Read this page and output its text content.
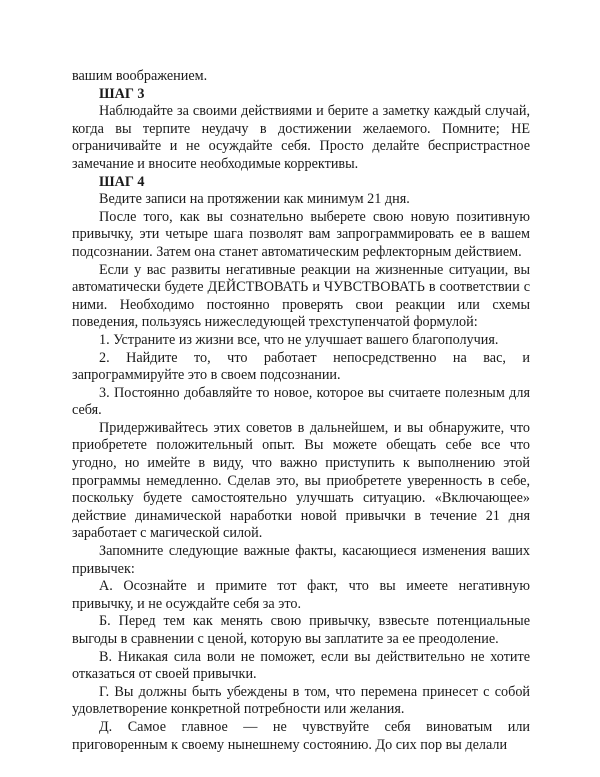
вашим воображением.

ШАГ 3

Наблюдайте за своими действиями и берите а заметку каждый случай, когда вы терпите неудачу в достижении желаемого. Помните; НЕ ограничивайте и не осуждайте себя. Просто делайте беспристрастное замечание и вносите необходимые коррективы.

ШАГ 4

Ведите записи на протяжении как минимум 21 дня.

После того, как вы сознательно выберете свою новую позитивную привычку, эти четыре шага позволят вам запрограммировать ее в вашем подсознании. Затем она станет автоматическим рефлекторным действием.

Если у вас развиты негативные реакции на жизненные ситуации, вы автоматически будете ДЕЙСТВОВАТЬ и ЧУВСТВОВАТЬ в соответствии с ними. Необходимо постоянно проверять свои реакции или схемы поведения, пользуясь нижеследующей трехступенчатой формулой:

1. Устраните из жизни все, что не улучшает вашего благополучия.

2. Найдите то, что работает непосредственно на вас, и запрограммируйте это в своем подсознании.

3. Постоянно добавляйте то новое, которое вы считаете полезным для себя.

Придерживайтесь этих советов в дальнейшем, и вы обнаружите, что приобретете положительный опыт. Вы можете обещать себе все что угодно, но имейте в виду, что важно приступить к выполнению этой программы немедленно. Сделав это, вы приобретете уверенность в себе, поскольку будете самостоятельно улучшать ситуацию. «Включающее» действие динамической наработки новой привычки в течение 21 дня заработает с магической силой.

Запомните следующие важные факты, касающиеся изменения ваших привычек:

А. Осознайте и примите тот факт, что вы имеете негативную привычку, и не осуждайте себя за это.

Б. Перед тем как менять свою привычку, взвесьте потенциальные выгоды в сравнении с ценой, которую вы заплатите за ее преодоление.

В. Никакая сила воли не поможет, если вы действительно не хотите отказаться от своей привычки.

Г. Вы должны быть убеждены в том, что перемена принесет с собой удовлетворение конкретной потребности или желания.

Д. Самое главное — не чувствуйте себя виноватым или приговоренным к своему нынешнему состоянию. До сих пор вы делали
